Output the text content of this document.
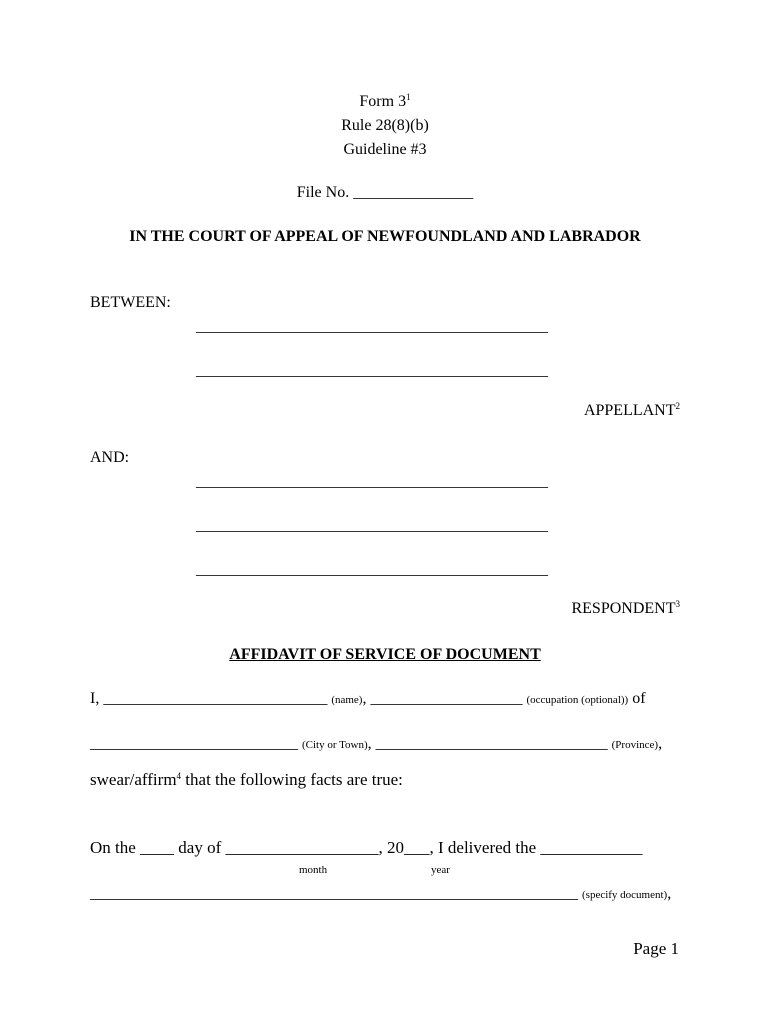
Form $3^1$
Rule 28(8)(b)
Guideline #3
File No. _______________
IN THE COURT OF APPEAL OF NEWFOUNDLAND AND LABRADOR
BETWEEN:
____________________________________________
____________________________________________
APPELLANT$^2$
AND:
____________________________________________
____________________________________________
____________________________________________
RESPONDENT$^3$
AFFIDAVIT OF SERVICE OF DOCUMENT
I, ____________________________ (name), ___________________ (occupation (optional)) of
__________________________ (City or Town), _____________________________ (Province),
swear/affirm$^4$ that the following facts are true:
On the ____ day of __________________, 20___, I delivered the ____________
month	year
_____________________________________________________________ (specify document),
Page 1
